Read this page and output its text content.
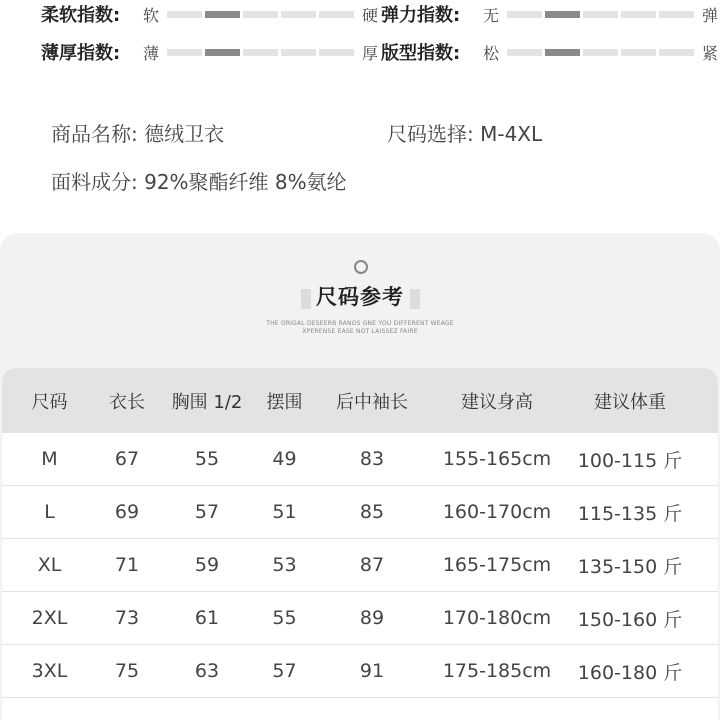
柔软指数:	软	硬 弹力指数:	无	弹
薄厚指数:	薄	厚 版型指数:	松	紧
商品名称: 德绒卫衣	尺码选择: M-4XL
面料成分: 92%聚酯纤维 8%氨纶
尺码参考
THE ORIGAL DESEERB RANOS GNE YOU DIFFERENT WEAGE
XPERENSE EASE NOT LAISSEZ FAIRE
尺码	衣长	胸围 1/2	摆围	后中袖长	建议身高	建议体重
M	67	55	49	83	155-165cm	100-115 斤
L	69	57	51	85	160-170cm	115-135 斤
XL	71	59	53	87	165-175cm	135-150 斤
2XL	73	61	55	89	170-180cm	150-160 斤
3XL	75	63	57	91	175-185cm	160-180 斤
